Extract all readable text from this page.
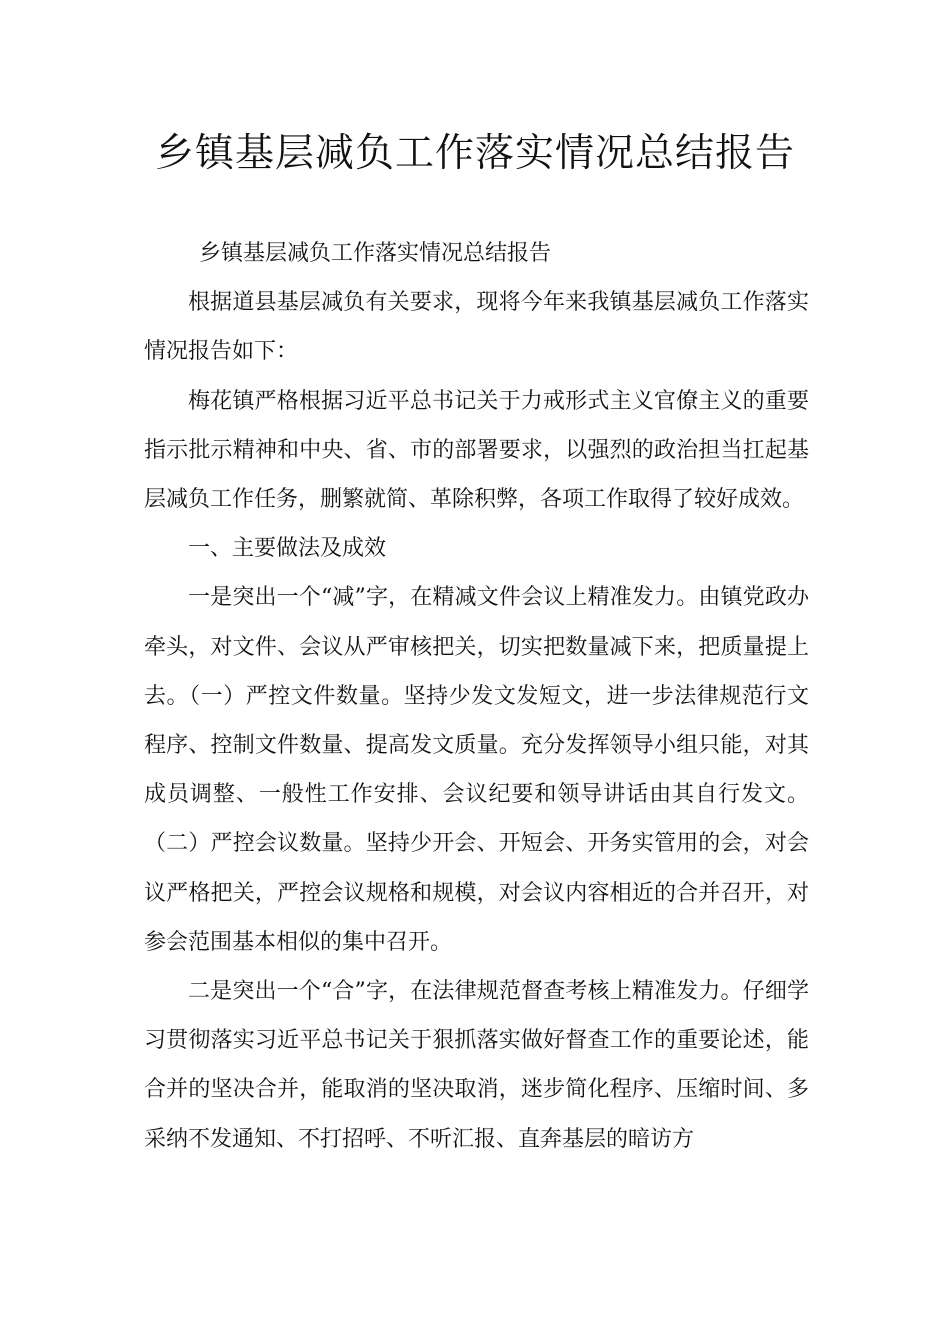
乡镇基层减负工作落实情况总结报告

乡镇基层减负工作落实情况总结报告

根据道县基层减负有关要求，现将今年来我镇基层减负工作落实情况报告如下：

梅花镇严格根据习近平总书记关于力戒形式主义官僚主义的重要指示批示精神和中央、省、市的部署要求，以强烈的政治担当扛起基层减负工作任务，删繁就简、革除积弊，各项工作取得了较好成效。

一、主要做法及成效

一是突出一个“减”字，在精减文件会议上精准发力。由镇党政办牵头，对文件、会议从严审核把关，切实把数量减下来，把质量提上去。（一）严控文件数量。坚持少发文发短文，进一步法律规范行文程序、控制文件数量、提高发文质量。充分发挥领导小组只能，对其成员调整、一般性工作安排、会议纪要和领导讲话由其自行发文。（二）严控会议数量。坚持少开会、开短会、开务实管用的会，对会议严格把关，严控会议规格和规模，对会议内容相近的合并召开，对参会范围基本相似的集中召开。

二是突出一个“合”字，在法律规范督查考核上精准发力。仔细学习贯彻落实习近平总书记关于狠抓落实做好督查工作的重要论述，能合并的坚决合并，能取消的坚决取消，迷步简化程序、压缩时间、多采纳不发通知、不打招呼、不听汇报、直奔基层的暗访方
